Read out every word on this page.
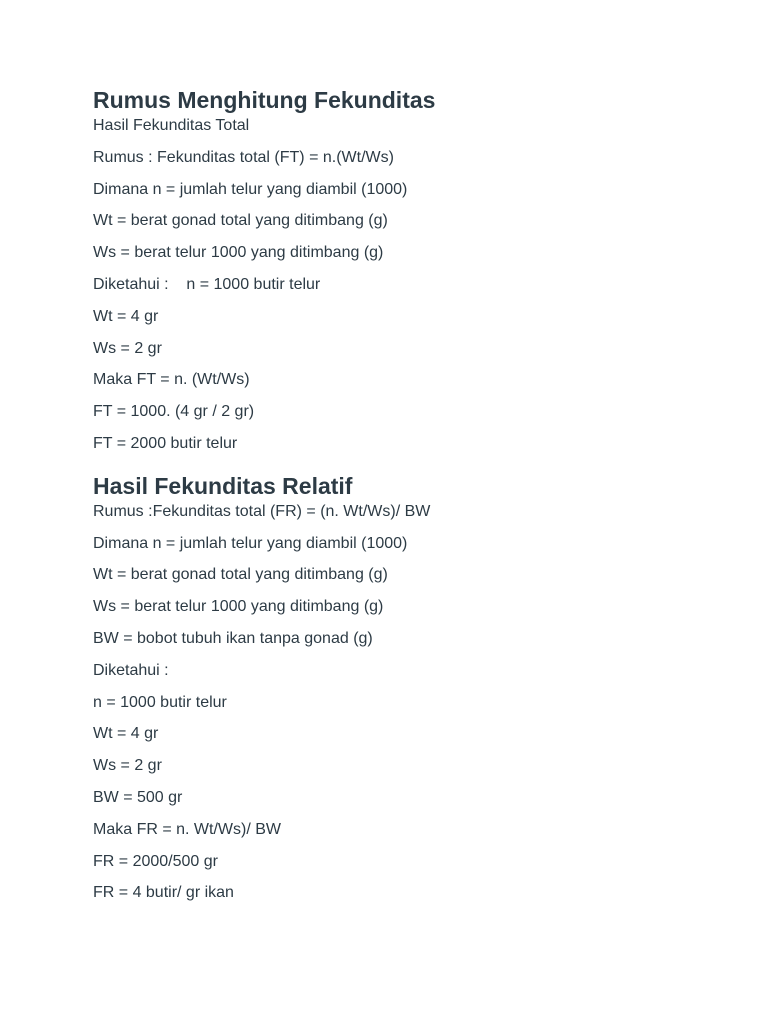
Rumus Menghitung Fekunditas

Hasil Fekunditas Total

Rumus : Fekunditas total (FT) = n.(Wt/Ws)

Dimana n = jumlah telur yang diambil (1000)

Wt = berat gonad total yang ditimbang (g)

Ws = berat telur 1000 yang ditimbang (g)

Diketahui :    n = 1000 butir telur

Wt = 4 gr

Ws = 2 gr

Maka FT = n. (Wt/Ws)

FT = 1000. (4 gr / 2 gr)

FT = 2000 butir telur

Hasil Fekunditas Relatif

Rumus :Fekunditas total (FR) = (n. Wt/Ws)/ BW

Dimana n = jumlah telur yang diambil (1000)

Wt = berat gonad total yang ditimbang (g)

Ws = berat telur 1000 yang ditimbang (g)

BW = bobot tubuh ikan tanpa gonad (g)

Diketahui :

n = 1000 butir telur

Wt = 4 gr

Ws = 2 gr

BW = 500 gr

Maka FR = n. Wt/Ws)/ BW

FR = 2000/500 gr

FR = 4 butir/ gr ikan
